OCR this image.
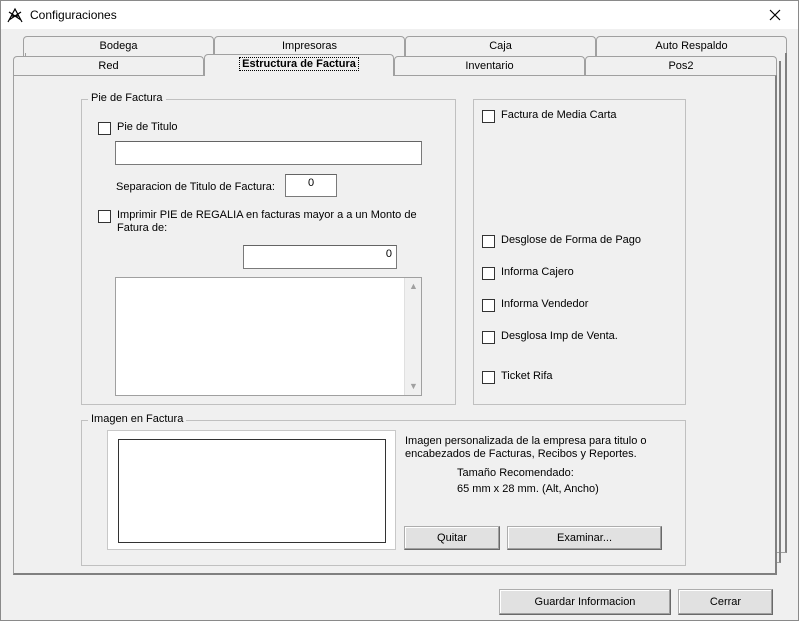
Configuraciones
Bodega	Impresoras	Caja	Auto Respaldo
Red	Estructura de Factura	Inventario	Pos2
Pie de Factura
Pie de Titulo
Separacion de Titulo de Factura:	0
Imprimir PIE de REGALIA en facturas mayor a a un Monto de Fatura de:
0
▲
▼
Factura de Media Carta
Desglose de Forma de Pago
Informa Cajero
Informa Vendedor
Desglosa Imp de Venta.
Ticket Rifa
Imagen en Factura
Imagen personalizada de la empresa para titulo o encabezados de Facturas, Recibos y Reportes.
Tamaño Recomendado:
65 mm x 28 mm. (Alt, Ancho)
Quitar	Examinar...
Guardar Informacion	Cerrar
